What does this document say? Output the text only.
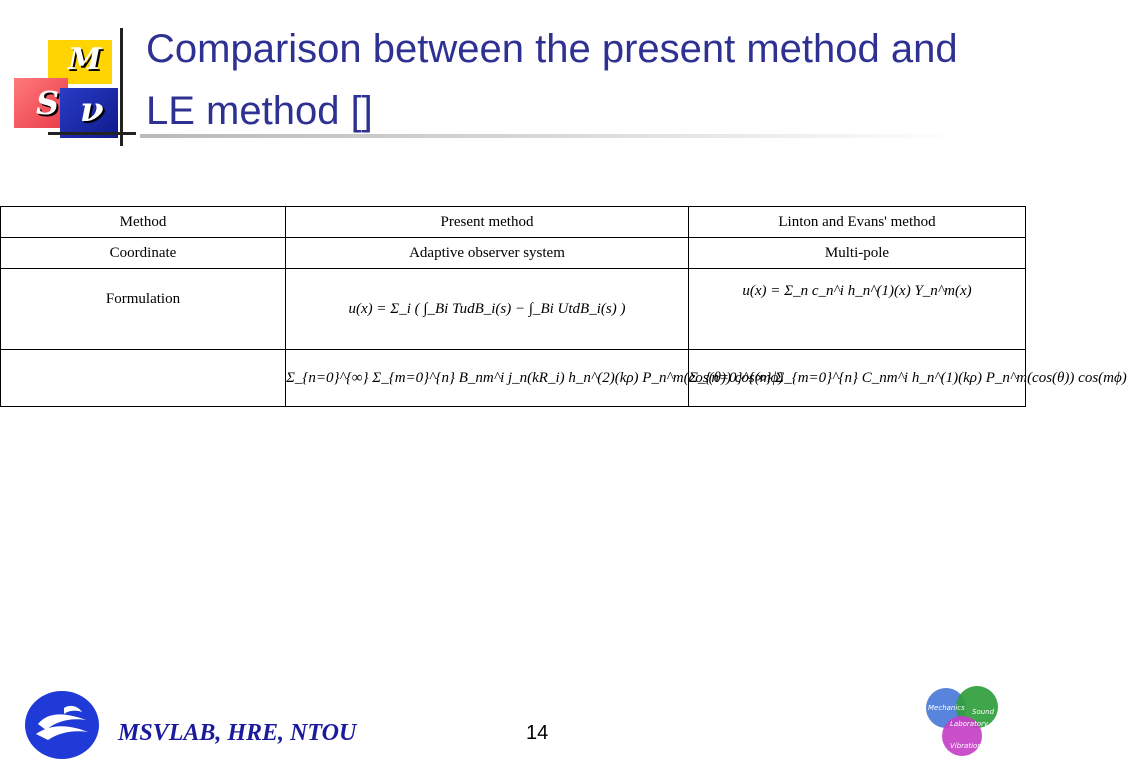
M
S ν
Comparison between the present method and LE method []
Method	Present method	Linton and Evans' method
Coordinate	Adaptive observer system	Multi-pole
Formulation	u(x) = Σ_i ( ∫_Bi TudB_i(s) − ∫_Bi UtdB_i(s) )	u(x) = Σ_n c_n^i h_n^(1)(x) Y_n^m(x)
	Σ_{n=0}^{∞} Σ_{m=0}^{n} B_nm^i j_n(kR_i) h_n^(2)(kρ) P_n^m(cos(θ)) cos(mϕ)	Σ_{n=0}^{∞} Σ_{m=0}^{n} C_nm^i h_n^(1)(kρ) P_n^m(cos(θ)) cos(mϕ)
MSVLAB, HRE, NTOU	14
Mechanics Sound
Laboratory
Vibration
